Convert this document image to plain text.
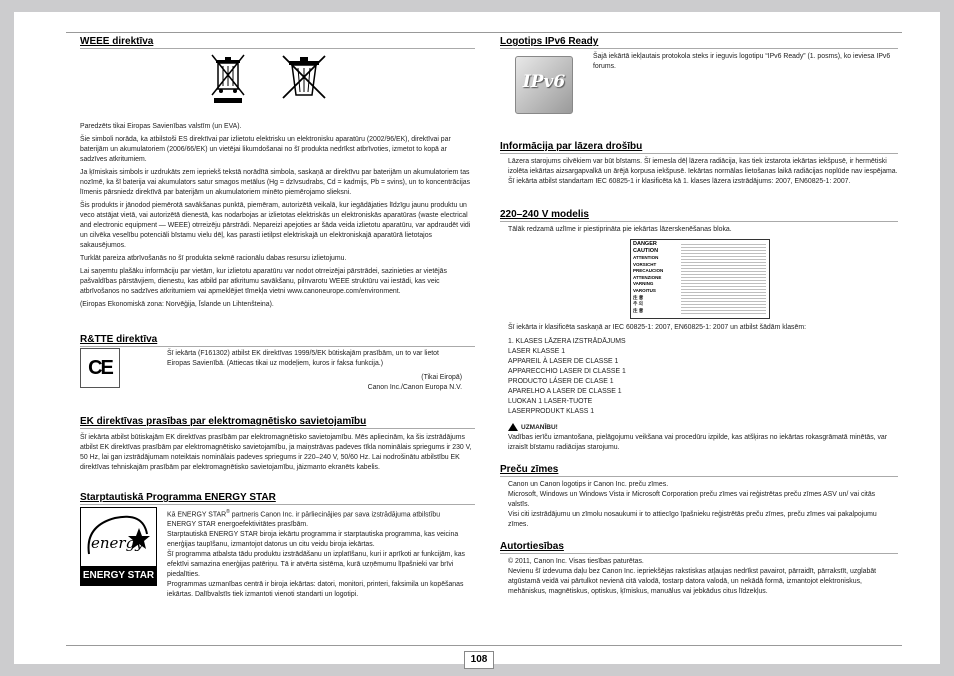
WEEE direktīva

Paredzēts tikai Eiropas Savienības valstīm (un EVA).

Šie simboli norāda, ka atbilstoši ES direktīvai par izlietotu elektrisku un elektronisku aparatūru (2002/96/EK), direktīvai par baterijām un akumulatoriem (2006/66/EK) un vietējai likumdošanai no šī produkta nedrīkst atbrīvoties, izmetot to kopā ar sadzīves atkritumiem.

Ja ķīmiskais simbols ir uzdrukāts zem iepriekš tekstā norādītā simbola, saskaņā ar direktīvu par baterijām un akumulatoriem tas nozīmē, ka šī baterija vai akumulators satur smagos metālus (Hg = dzīvsudrabs, Cd = kadmijs, Pb = svins), un to koncentrācijas līmenis pārsniedz direktīvā par baterijām un akumulatoriem minēto piemērojamo slieksni.

Šis produkts ir jānodod piemērotā savākšanas punktā, piemēram, autorizētā veikalā, kur iegādājaties līdzīgu jaunu produktu un veco atstājat vietā, vai autorizētā dienestā, kas nodarbojas ar izlietotas elektriskās un elektroniskās aparatūras (waste electrical and electronic equipment — WEEE) otrreizēju pārstrādi. Nepareizi apejoties ar šāda veida izlietotu aparatūru, var apdraudēt vidi un cilvēka veselību potenciāli bīstamu vielu dēļ, kas parasti ietilpst elektriskajā un elektroniskajā aparatūrā lietotajos sakausējumos.

Turklāt pareiza atbrīvošanās no šī produkta sekmē racionālu dabas resursu izlietojumu.

Lai saņemtu plašāku informāciju par vietām, kur izlietotu aparatūru var nodot otrreizējai pārstrādei, sazinieties ar vietējās pašvaldības pārstāvjiem, dienestu, kas atbild par atkritumu savākšanu, pilnvarotu WEEE struktūru vai iestādi, kas veic atbrīvošanos no sadzīves atkritumiem vai apmeklējiet tīmekļa vietni www.canoneurope.com/environment.

(Eiropas Ekonomiskā zona: Norvēģija, Īslande un Lihtenšteina).

R&TTE direktīva
CE

Šī iekārta (F161302) atbilst EK direktīvas 1999/5/EK būtiskajām prasībām, un to var lietot Eiropas Savienībā. (Attiecas tikai uz modeļiem, kuros ir faksa funkcija.)

(Tikai Eiropā)

Canon Inc./Canon Europa N.V.

EK direktīvas prasības par elektromagnētisko savietojamību

Šī iekārta atbilst būtiskajām EK direktīvas prasībām par elektromagnētisko savietojamību. Mēs apliecinām, ka šis izstrādājums atbilst EK direktīvas prasībām par elektromagnētisko savietojamību, ja maiņstrāvas padeves tīkla nominālais spriegums ir 230 V, 50 Hz, lai gan izstrādājumam noteiktais nominālais padeves spriegums ir 220–240 V, 50/60 Hz. Lai nodrošinātu atbilstību EK direktīvas tehniskajām prasībām par elektromagnētisko savietojamību, jāizmanto ekranēts kabelis.

Starptautiskā Programma ENERGY STAR
energy
ENERGY STAR

Kā ENERGY STAR® partneris Canon Inc. ir pārliecinājies par sava izstrādājuma atbilstību ENERGY STAR energoefektivitātes prasībām.

Starptautiskā ENERGY STAR biroja iekārtu programma ir starptautiska programma, kas veicina enerģijas taupīšanu, izmantojot datorus un citu veidu biroja iekārtas.

Šī programma atbalsta tādu produktu izstrādāšanu un izplatīšanu, kuri ir aprīkoti ar funkcijām, kas efektīvi samazina enerģijas patēriņu. Tā ir atvērta sistēma, kurā uzņēmumu līpašnieki var brīvi piedalīties.

Programmas uzmanības centrā ir biroja iekārtas: datori, monitori, printeri, faksimila un kopēšanas iekārtas. Dalībvalstīs tiek izmantoti vienoti standarti un logotipi.

Logotips IPv6 Ready
IPv6

Šajā iekārtā iekļautais protokola steks ir ieguvis logotipu “IPv6 Ready” (1. posms), ko ieviesa IPv6 forums.

Informācija par lāzera drošību

Lāzera starojums cilvēkiem var būt bīstams. Šī iemesla dēļ lāzera radiācija, kas tiek izstarota iekārtas iekšpusē, ir hermētiski izolēta iekārtas aizsargapvalkā un ārējā korpusa iekšpusē. Iekārtas normālas lietošanas laikā radiācijas noplūde nav iespējama.

Šī iekārta atbilst standartam IEC 60825-1 ir klasificēta kā 1. klases lāzera izstrādājums: 2007, EN60825-1: 2007.

220–240 V modelis

Tālāk redzamā uzlīme ir piestiprināta pie iekārtas lāzerskenēšanas bloka.

DANGER
CAUTION
ATTENTION
VORSICHT
PRECAUCION
ATTENZIONE
VARNING
VAROITUS
注 意
주 의
注 意

Šī iekārta ir klasificēta saskaņā ar IEC 60825-1: 2007, EN60825-1: 2007 un atbilst šādām klasēm:

1. KLASES LĀZERA IZSTRĀDĀJUMS

LASER KLASSE 1

APPAREIL À LASER DE CLASSE 1

APPARECCHIO LASER DI CLASSE 1

PRODUCTO LÁSER DE CLASE 1

APARELHO A LASER DE CLASSE 1

LUOKAN 1 LASER-TUOTE

LASERPRODUKT KLASS 1

UZMANĪBU!

Vadības ierīču izmantošana, pielāgojumu veikšana vai procedūru izpilde, kas atšķiras no iekārtas rokasgrāmatā minētās, var izraisīt bīstamu radiācijas starojumu.

Preču zīmes

Canon un Canon logotips ir Canon Inc. preču zīmes.

Microsoft, Windows un Windows Vista ir Microsoft Corporation preču zīmes vai reģistrētas preču zīmes ASV un/ vai citās valstīs.

Visi citi izstrādājumu un zīmolu nosaukumi ir to attiecīgo īpašnieku reģistrētās preču zīmes, preču zīmes vai pakalpojumu zīmes.

Autortiesības

© 2011, Canon Inc. Visas tiesības paturētas.

Nevienu šī izdevuma daļu bez Canon Inc. iepriekšējas rakstiskas atļaujas nedrīkst pavairot, pārraidīt, pārrakstīt, uzglabāt atgūstamā veidā vai pārtulkot nevienā citā valodā, tostarp datora valodā, un nekādā formā, izmantojot elektroniskus, mehāniskus, magnētiskus, optiskus, ķīmiskus, manuālus vai jebkādus citus līdzekļus.

108
